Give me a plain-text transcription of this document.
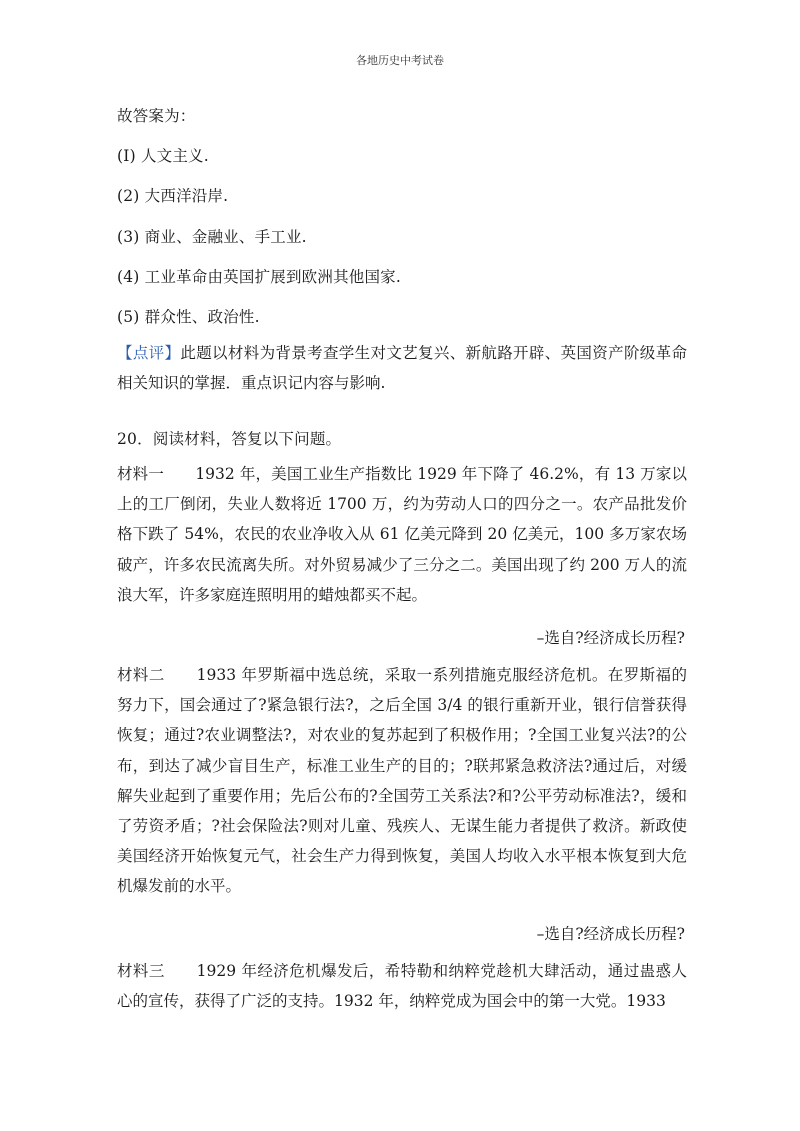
各地历史中考试卷
故答案为：
(I) 人文主义.
(2) 大西洋沿岸.
(3) 商业、金融业、手工业.
(4) 工业革命由英国扩展到欧洲其他国家.
(5) 群众性、政治性.
【点评】此题以材料为背景考查学生对文艺复兴、新航路开辟、英国资产阶级革命相关知识的掌握．重点识记内容与影响.
20．阅读材料，答复以下问题。
材料一　　1932 年，美国工业生产指数比 1929 年下降了 46.2%，有 13 万家以上的工厂倒闭，失业人数将近 1700 万，约为劳动人口的四分之一。农产品批发价格下跌了 54%，农民的农业净收入从 61 亿美元降到 20 亿美元，100 多万家农场破产，许多农民流离失所。对外贸易减少了三分之二。美国出现了约 200 万人的流浪大军，许多家庭连照明用的蜡烛都买不起。
–选自?经济成长历程?
材料二　　1933 年罗斯福中选总统，采取一系列措施克服经济危机。在罗斯福的努力下，国会通过了?紧急银行法?，之后全国 3/4 的银行重新开业，银行信誉获得恢复；通过?农业调整法?，对农业的复苏起到了积极作用；?全国工业复兴法?的公布，到达了减少盲目生产，标准工业生产的目的；?联邦紧急救济法?通过后，对缓解失业起到了重要作用；先后公布的?全国劳工关系法?和?公平劳动标准法?，缓和了劳资矛盾；?社会保险法?则对儿童、残疾人、无谋生能力者提供了救济。新政使美国经济开始恢复元气，社会生产力得到恢复，美国人均收入水平根本恢复到大危机爆发前的水平。
–选自?经济成长历程?
材料三　　1929 年经济危机爆发后，希特勒和纳粹党趁机大肆活动，通过蛊惑人心的宣传，获得了广泛的支持。1932 年，纳粹党成为国会中的第一大党。1933
